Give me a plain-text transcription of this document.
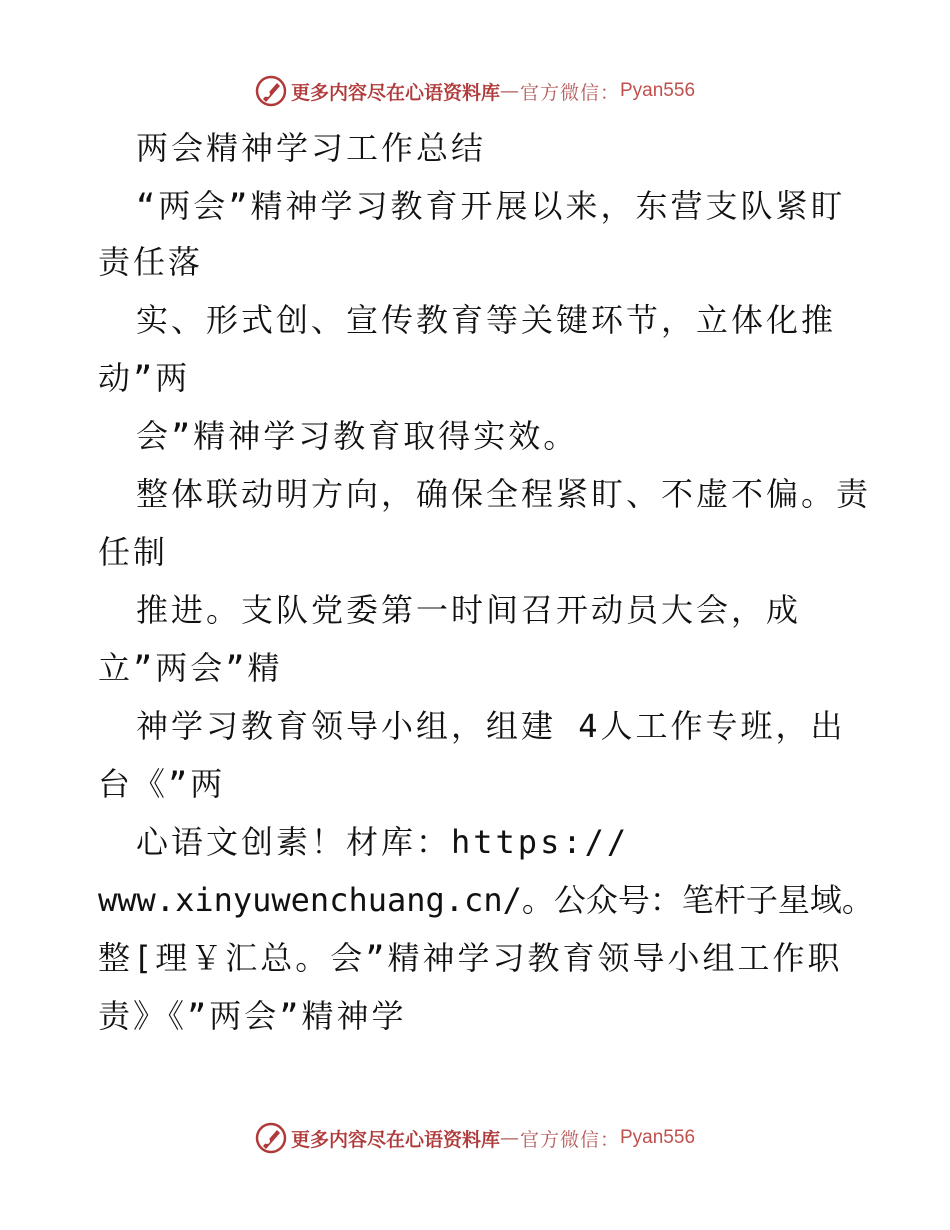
更多内容尽在心语资料库 — 官方微信： Pyan556
两会精神学习工作总结
“两会”精神学习教育开展以来，东营支队紧盯
责任落
实、形式创、宣传教育等关键环节，立体化推
动”两
会”精神学习教育取得实效。
整体联动明方向，确保全程紧盯、不虚不偏。责
任制
推进。支队党委第一时间召开动员大会，成
立”两会”精
神学习教育领导小组，组建 4人工作专班，出
台《”两
心语文创素！材库：https://
www.xinyuwenchuang.cn/。公众号：笔杆子星域。
整[理￥汇总。会”精神学习教育领导小组工作职
责》《”两会”精神学
更多内容尽在心语资料库 — 官方微信： Pyan556
